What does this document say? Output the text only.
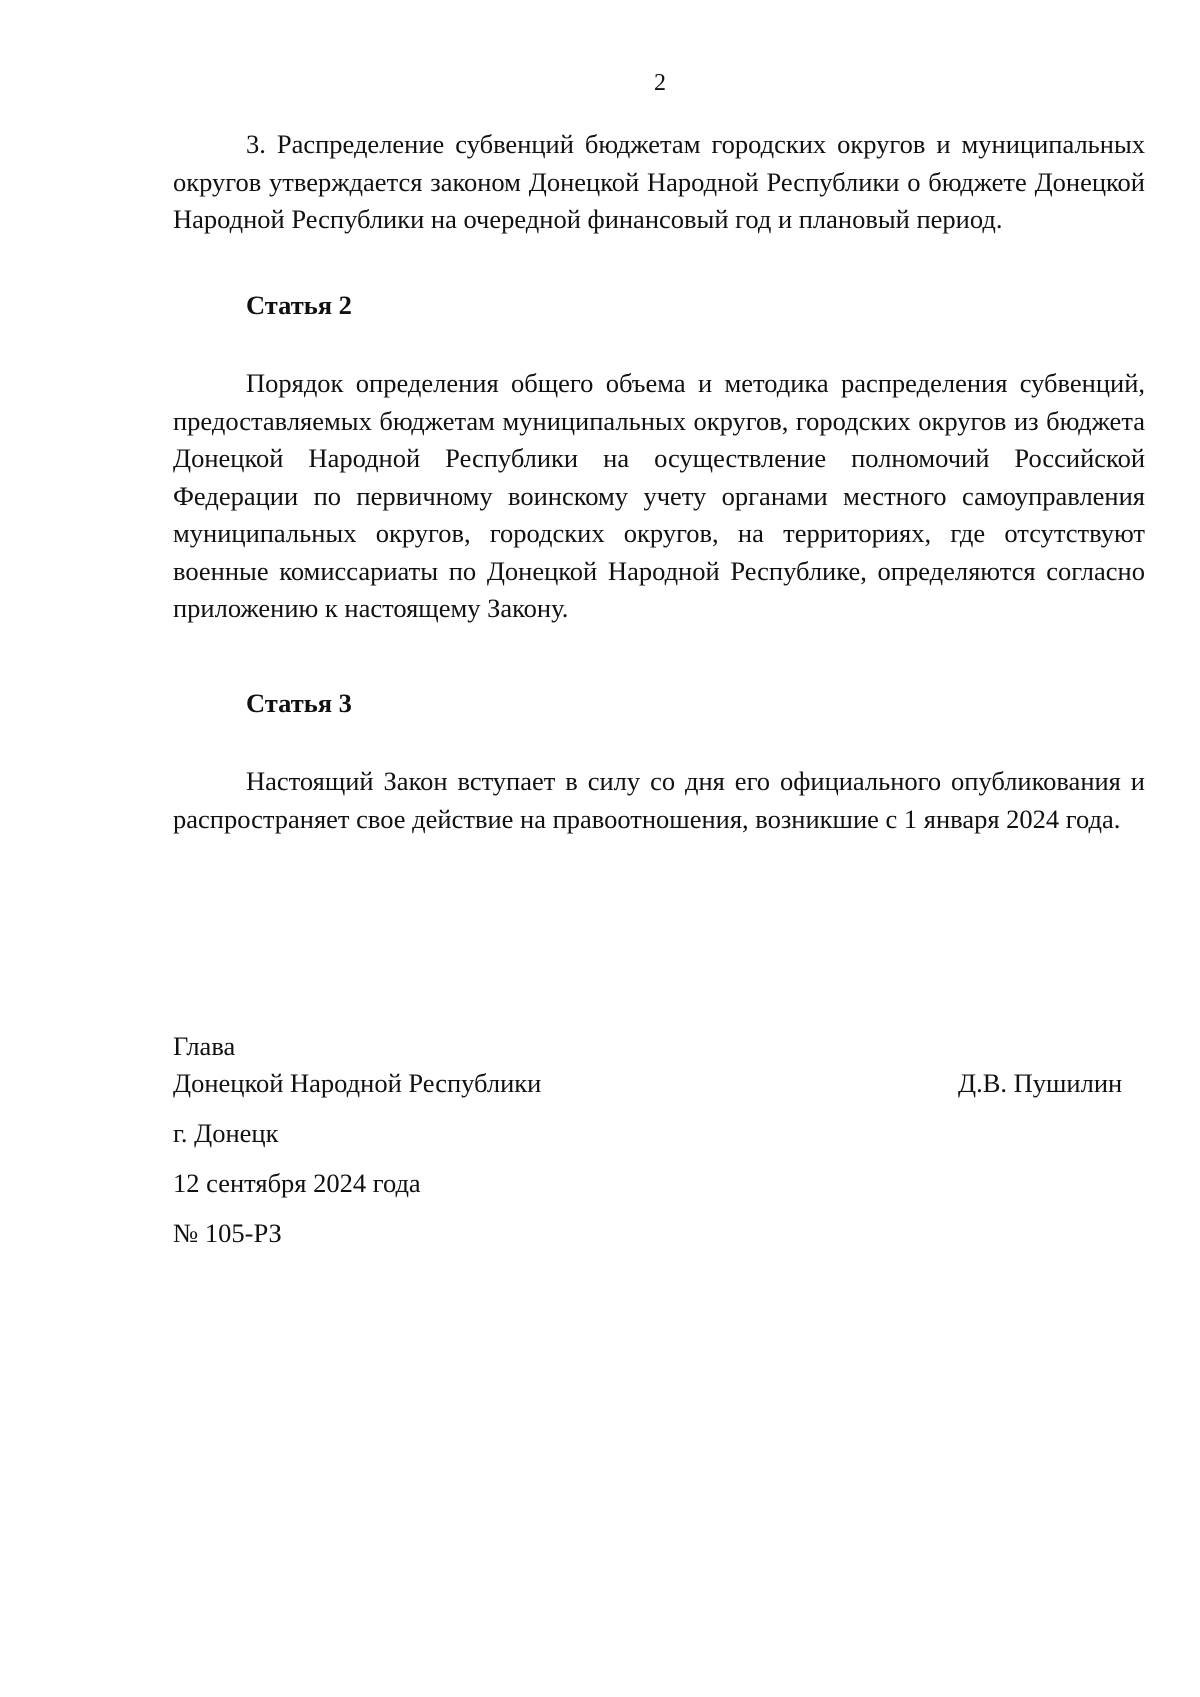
2

3. Распределение субвенций бюджетам городских округов и муниципальных округов утверждается законом Донецкой Народной Республики о бюджете Донецкой Народной Республики на очередной финансовый год и плановый период.

Статья 2

Порядок определения общего объема и методика распределения субвенций, предоставляемых бюджетам муниципальных округов, городских округов из бюджета Донецкой Народной Республики на осуществление полномочий Российской Федерации по первичному воинскому учету органами местного самоуправления муниципальных округов, городских округов, на территориях, где отсутствуют военные комиссариаты по Донецкой Народной Республике, определяются согласно приложению к настоящему Закону.

Статья 3

Настоящий Закон вступает в силу со дня его официального опубликования и распространяет свое действие на правоотношения, возникшие с 1 января 2024 года.

Глава

Донецкой Народной Республики	Д.В. Пушилин

г. Донецк

12 сентября 2024 года

№ 105-РЗ
